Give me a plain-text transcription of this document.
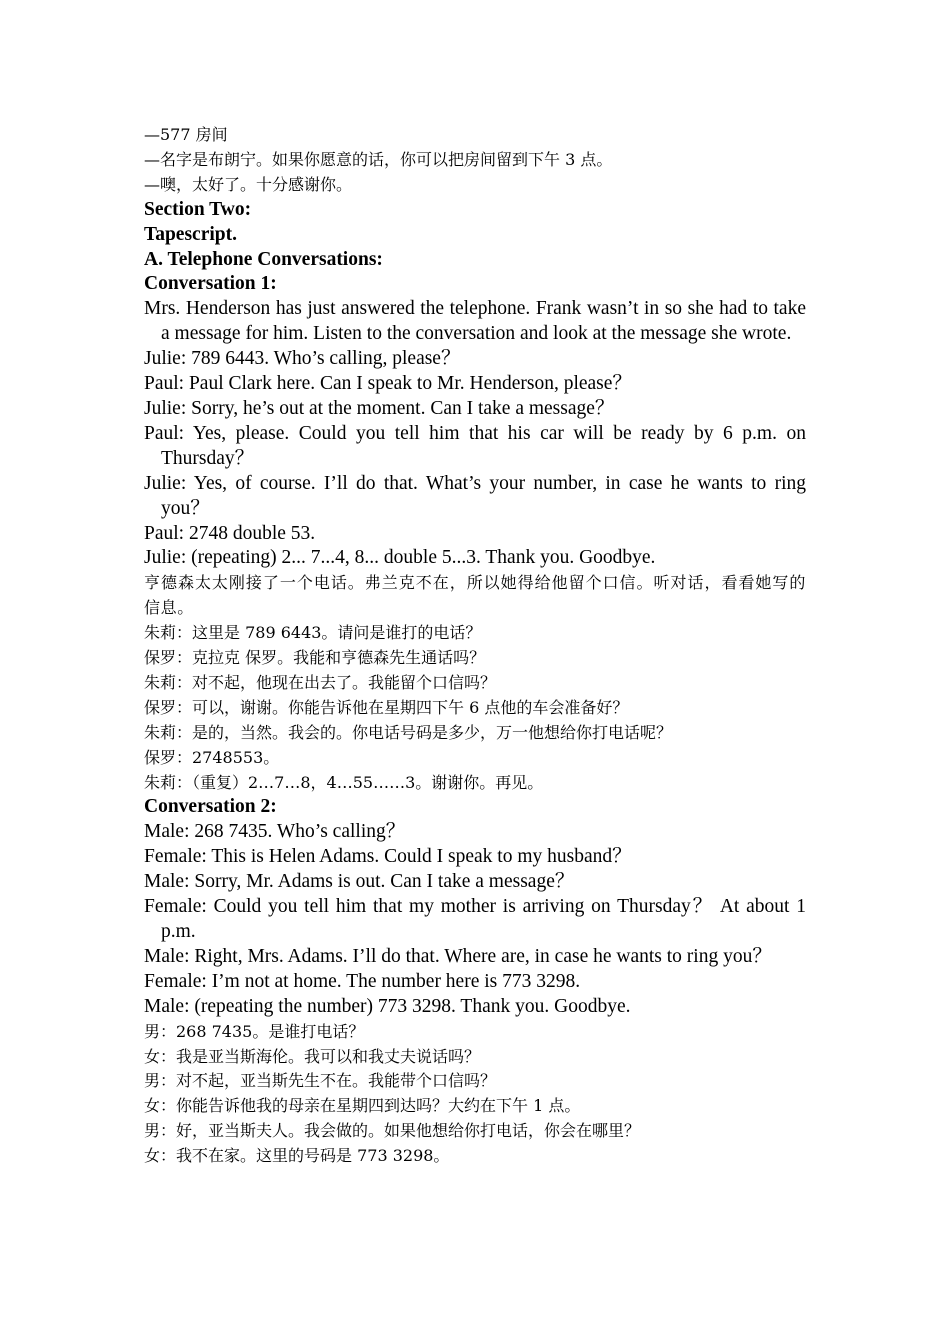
—577 房间
—名字是布朗宁。如果你愿意的话，你可以把房间留到下午 3 点。
—噢，太好了。十分感谢你。
Section Two:
Tapescript.
A. Telephone Conversations:
Conversation 1:
Mrs. Henderson has just answered the telephone. Frank wasn’t in so she had to take a message for him. Listen to the conversation and look at the message she wrote.
Julie: 789 6443. Who’s calling, please？
Paul: Paul Clark here. Can I speak to Mr. Henderson, please？
Julie: Sorry, he’s out at the moment. Can I take a message？
Paul: Yes, please. Could you tell him that his car will be ready by 6 p.m. on Thursday？
Julie: Yes, of course. I’ll do that. What’s your number, in case he wants to ring you？
Paul: 2748 double 53.
Julie: (repeating) 2... 7...4, 8... double 5...3. Thank you. Goodbye.
亨德森太太刚接了一个电话。弗兰克不在，所以她得给他留个口信。听对话，看看她写的信息。
朱莉：这里是 789 6443。请问是谁打的电话？
保罗：克拉克 保罗。我能和亨德森先生通话吗？
朱莉：对不起，他现在出去了。我能留个口信吗？
保罗：可以，谢谢。你能告诉他在星期四下午 6 点他的车会准备好？
朱莉：是的，当然。我会的。你电话号码是多少，万一他想给你打电话呢？
保罗：2748553。
朱莉：（重复）2…7…8，4…55……3。谢谢你。再见。
Conversation 2:
Male: 268 7435. Who’s calling？
Female: This is Helen Adams. Could I speak to my husband？
Male: Sorry, Mr. Adams is out. Can I take a message？
Female: Could you tell him that my mother is arriving on Thursday？ At about 1 p.m.
Male: Right, Mrs. Adams. I’ll do that. Where are, in case he wants to ring you？
Female: I’m not at home. The number here is 773 3298.
Male: (repeating the number) 773 3298. Thank you. Goodbye.
男：268 7435。是谁打电话？
女：我是亚当斯海伦。我可以和我丈夫说话吗？
男：对不起，亚当斯先生不在。我能带个口信吗？
女：你能告诉他我的母亲在星期四到达吗？大约在下午 1 点。
男：好，亚当斯夫人。我会做的。如果他想给你打电话，你会在哪里？
女：我不在家。这里的号码是 773 3298。
